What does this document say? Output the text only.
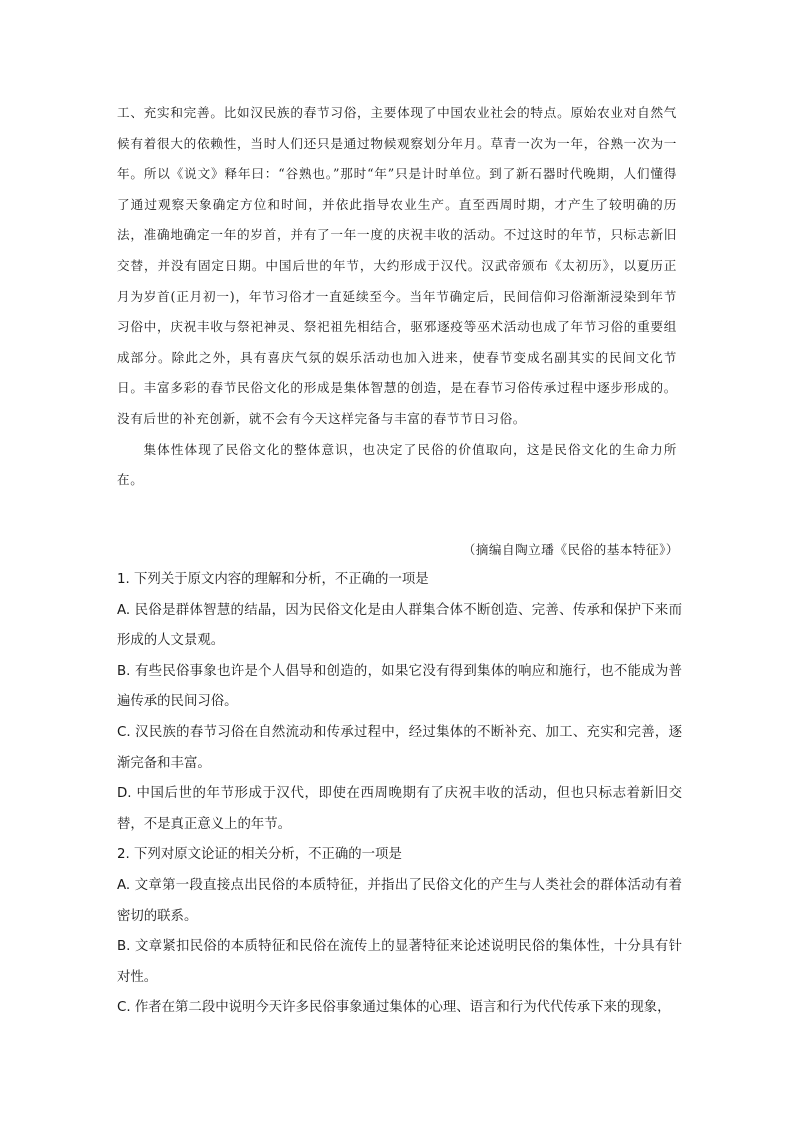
工、充实和完善。比如汉民族的春节习俗，主要体现了中国农业社会的特点。原始农业对自然气候有着很大的依赖性，当时人们还只是通过物候观察划分年月。草青一次为一年，谷熟一次为一年。所以《说文》释年曰：“谷熟也。”那时“年”只是计时单位。到了新石器时代晚期，人们懂得了通过观察天象确定方位和时间，并依此指导农业生产。直至西周时期，才产生了较明确的历法，准确地确定一年的岁首，并有了一年一度的庆祝丰收的活动。不过这时的年节，只标志新旧交替，并没有固定日期。中国后世的年节，大约形成于汉代。汉武帝颁布《太初历》，以夏历正月为岁首(正月初一)，年节习俗才一直延续至今。当年节确定后，民间信仰习俗渐渐浸染到年节习俗中，庆祝丰收与祭祀神灵、祭祀祖先相结合，驱邪逐疫等巫术活动也成了年节习俗的重要组成部分。除此之外，具有喜庆气氛的娱乐活动也加入进来，使春节变成名副其实的民间文化节日。丰富多彩的春节民俗文化的形成是集体智慧的创造，是在春节习俗传承过程中逐步形成的。没有后世的补充创新，就不会有今天这样完备与丰富的春节节日习俗。

集体性体现了民俗文化的整体意识，也决定了民俗的价值取向，这是民俗文化的生命力所在。

（摘编自陶立璠《民俗的基本特征》）

1. 下列关于原文内容的理解和分析，不正确的一项是

A. 民俗是群体智慧的结晶，因为民俗文化是由人群集合体不断创造、完善、传承和保护下来而形成的人文景观。

B. 有些民俗事象也许是个人倡导和创造的，如果它没有得到集体的响应和施行，也不能成为普遍传承的民间习俗。

C. 汉民族的春节习俗在自然流动和传承过程中，经过集体的不断补充、加工、充实和完善，逐渐完备和丰富。

D. 中国后世的年节形成于汉代，即使在西周晚期有了庆祝丰收的活动，但也只标志着新旧交替，不是真正意义上的年节。

2. 下列对原文论证的相关分析，不正确的一项是

A. 文章第一段直接点出民俗的本质特征，并指出了民俗文化的产生与人类社会的群体活动有着密切的联系。

B. 文章紧扣民俗的本质特征和民俗在流传上的显著特征来论述说明民俗的集体性，十分具有针对性。

C. 作者在第二段中说明今天许多民俗事象通过集体的心理、语言和行为代代传承下来的现象，
